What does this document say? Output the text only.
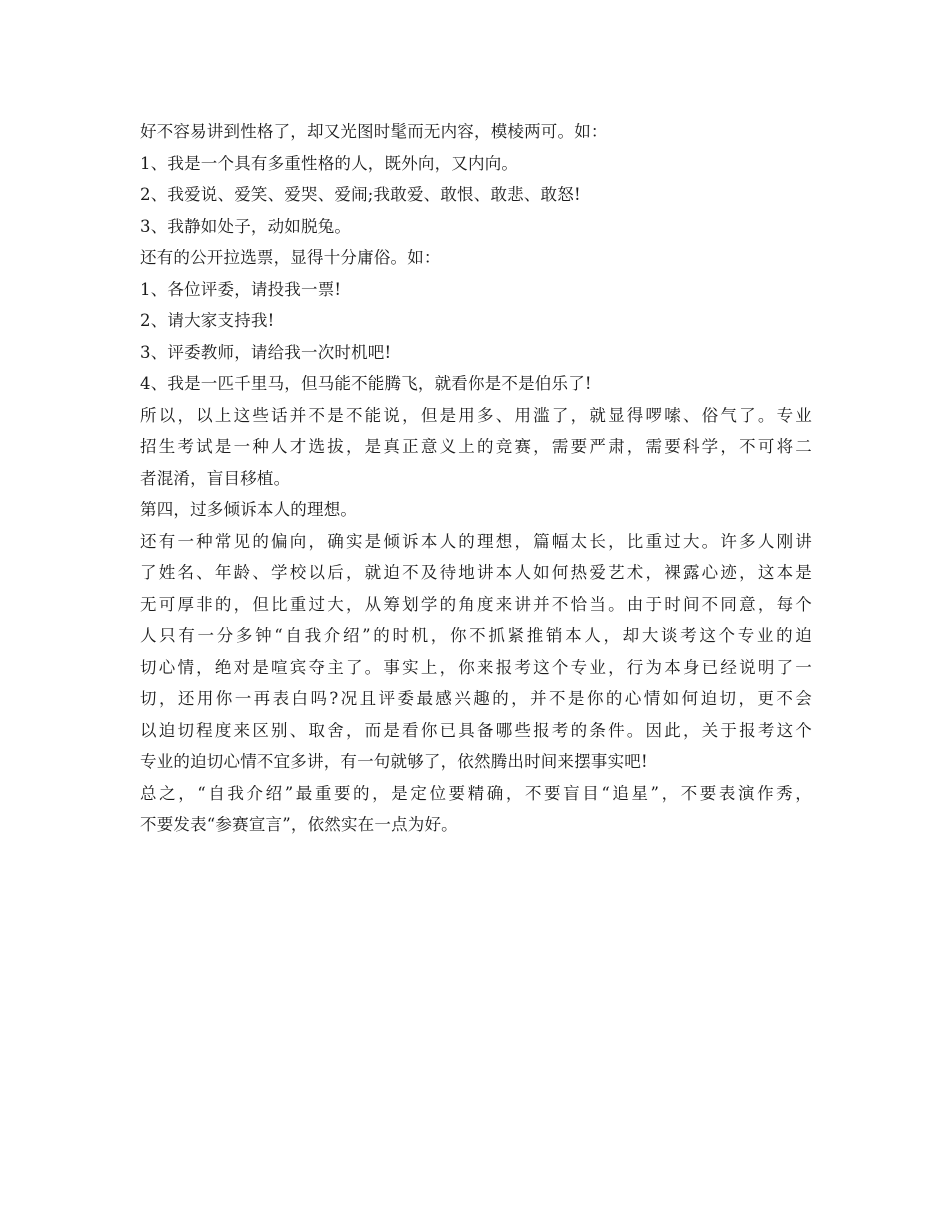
好不容易讲到性格了，却又光图时髦而无内容，模棱两可。如：
1、我是一个具有多重性格的人，既外向，又内向。
2、我爱说、爱笑、爱哭、爱闹;我敢爱、敢恨、敢悲、敢怒!
3、我静如处子，动如脱兔。
还有的公开拉选票，显得十分庸俗。如：
1、各位评委，请投我一票!
2、请大家支持我!
3、评委教师，请给我一次时机吧!
4、我是一匹千里马，但马能不能腾飞，就看你是不是伯乐了!
所以，以上这些话并不是不能说，但是用多、用滥了，就显得啰嗦、俗气了。专业
招生考试是一种人才选拔，是真正意义上的竞赛，需要严肃，需要科学，不可将二
者混淆，盲目移植。
第四，过多倾诉本人的理想。
还有一种常见的偏向，确实是倾诉本人的理想，篇幅太长，比重过大。许多人刚讲
了姓名、年龄、学校以后，就迫不及待地讲本人如何热爱艺术，裸露心迹，这本是
无可厚非的，但比重过大，从筹划学的角度来讲并不恰当。由于时间不同意，每个
人只有一分多钟“自我介绍”的时机，你不抓紧推销本人，却大谈考这个专业的迫
切心情，绝对是喧宾夺主了。事实上，你来报考这个专业，行为本身已经说明了一
切，还用你一再表白吗?况且评委最感兴趣的，并不是你的心情如何迫切，更不会
以迫切程度来区别、取舍，而是看你已具备哪些报考的条件。因此，关于报考这个
专业的迫切心情不宜多讲，有一句就够了，依然腾出时间来摆事实吧!
总之，“自我介绍”最重要的，是定位要精确，不要盲目“追星”，不要表演作秀，
不要发表“参赛宣言”，依然实在一点为好。
